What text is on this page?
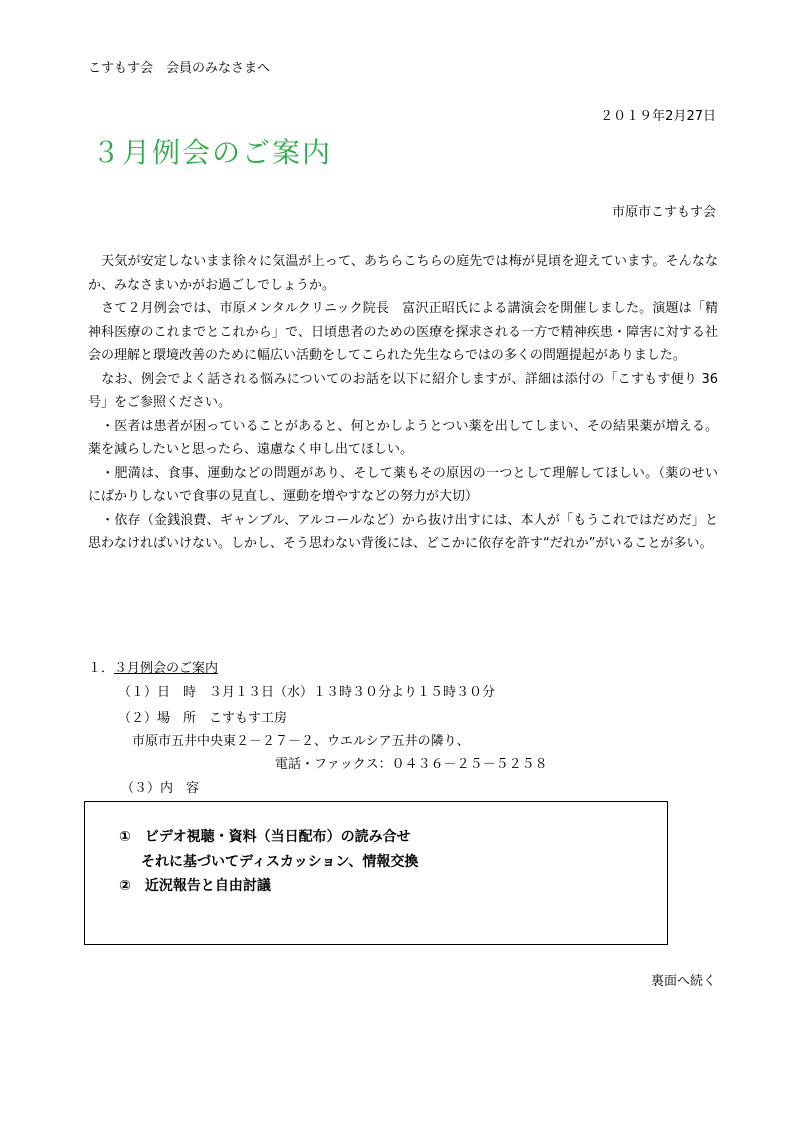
こすもす会　会員のみなさまへ
２０１９年2月27日
３月例会のご案内
市原市こすもす会

　天気が安定しないまま徐々に気温が上って、あちらこちらの庭先では梅が見頃を迎えています。そんななか、みなさまいかがお過ごしでしょうか。

　さて２月例会では、市原メンタルクリニック院長　富沢正昭氏による講演会を開催しました。演題は「精神科医療のこれまでとこれから」で、日頃患者のための医療を探求される一方で精神疾患・障害に対する社会の理解と環境改善のために幅広い活動をしてこられた先生ならではの多くの問題提起がありました。

　なお、例会でよく話される悩みについてのお話を以下に紹介しますが、詳細は添付の「こすもす便り 36 号」をご参照ください。

　・医者は患者が困っていることがあると、何とかしようとつい薬を出してしまい、その結果薬が増える。薬を減らしたいと思ったら、遠慮なく申し出てほしい。

　・肥満は、食事、運動などの問題があり、そして薬もその原因の一つとして理解してほしい。（薬のせいにばかりしないで食事の見直し、運動を増やすなどの努力が大切）

　・依存（金銭浪費、ギャンブル、アルコールなど）から抜け出すには、本人が「もうこれではだめだ」と思わなければいけない。しかし、そう思わない背後には、どこかに依存を許す“だれか”がいることが多い。

１．３月例会のご案内
（１）日　時　３月１３日（水）１３時３０分より１５時３０分
（２）場　所　こすもす工房
市原市五井中央東２－２７－２、ウエルシア五井の隣り、
電話・ファックス：０４３６－２５－５２５８
（３）内　容
①　ビデオ視聴・資料（当日配布）の読み合せ
それに基づいてディスカッション、情報交換
②　近況報告と自由討議
裏面へ続く
